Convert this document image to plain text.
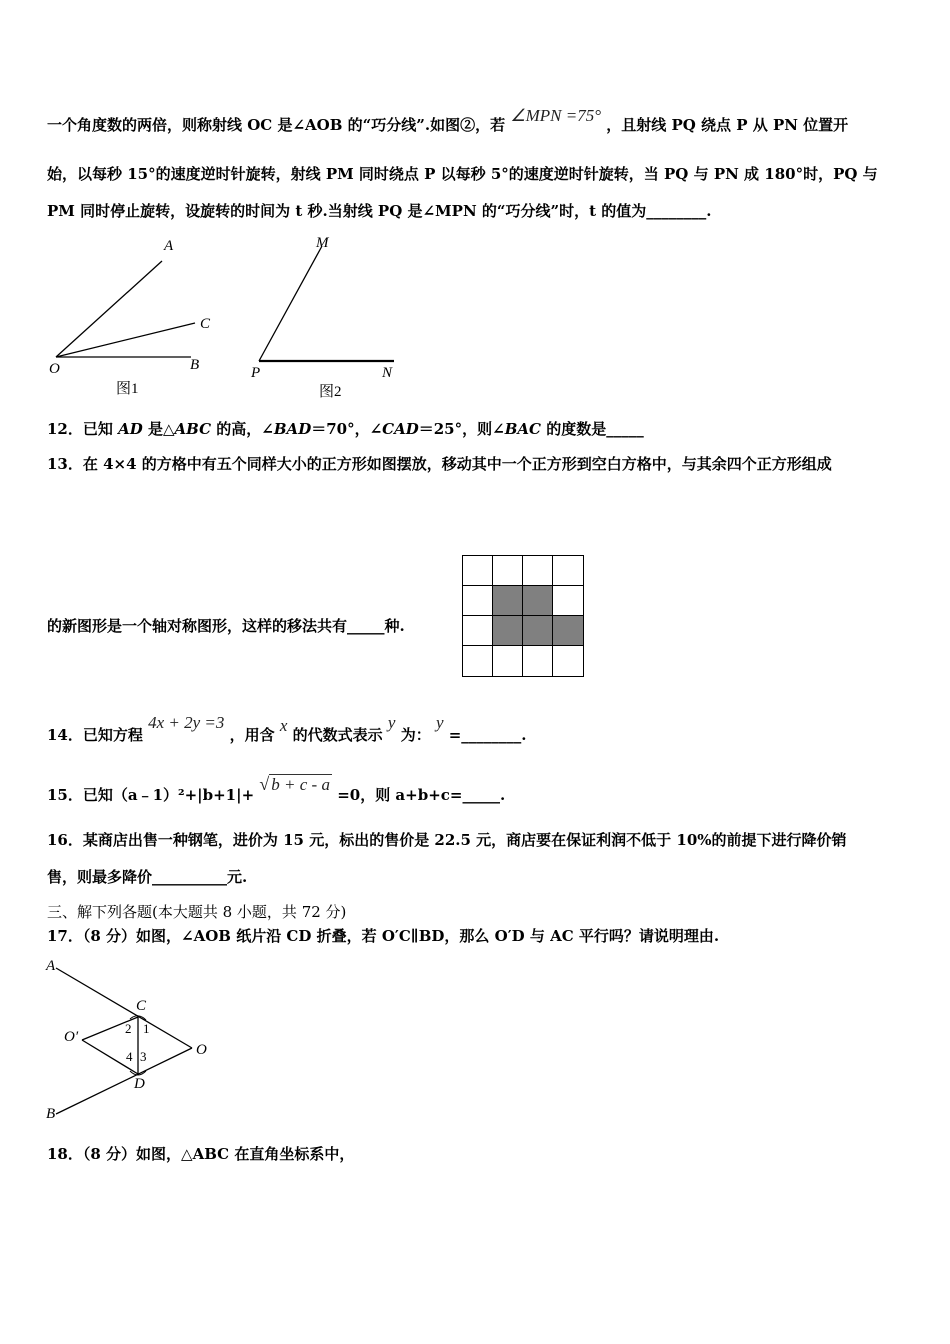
一个角度数的两倍，则称射线 OC 是∠AOB 的“巧分线”.如图②，若 ∠MPN =75° ，且射线 PQ 绕点 P 从 PN 位置开
始，以每秒 15°的速度逆时针旋转，射线 PM 同时绕点 P 以每秒 5°的速度逆时针旋转，当 PQ 与 PN 成 180°时，PQ 与
PM 同时停止旋转，设旋转的时间为 t 秒.当射线 PQ 是∠MPN 的“巧分线”时，t 的值为________.
A
C
O	B
图1
M
P	N
图2
12．已知 AD 是△ABC 的高，∠BAD＝70°，∠CAD＝25°，则∠BAC 的度数是_____
13．在 4×4 的方格中有五个同样大小的正方形如图摆放，移动其中一个正方形到空白方格中，与其余四个正方形组成
的新图形是一个轴对称图形，这样的移法共有_____种.
14．已知方程 4x + 2y =3 ，用含 x 的代数式表示 y 为： y =________.
15．已知（a﹣1）²+|b+1|+ √ b + c - a =0，则 a+b+c=_____.
16．某商店出售一种钢笔，进价为 15 元，标出的售价是 22.5 元，商店要在保证利润不低于 10%的前提下进行降价销
售，则最多降价__________元.
三、解下列各题(本大题共 8 小题，共 72 分)
17．（8 分）如图，∠AOB 纸片沿 CD 折叠，若 O′C∥BD，那么 O′D 与 AC 平行吗？请说明理由.
A
C
O′
O
D
B
2 1
4 3
18．（8 分）如图，△ABC 在直角坐标系中，
